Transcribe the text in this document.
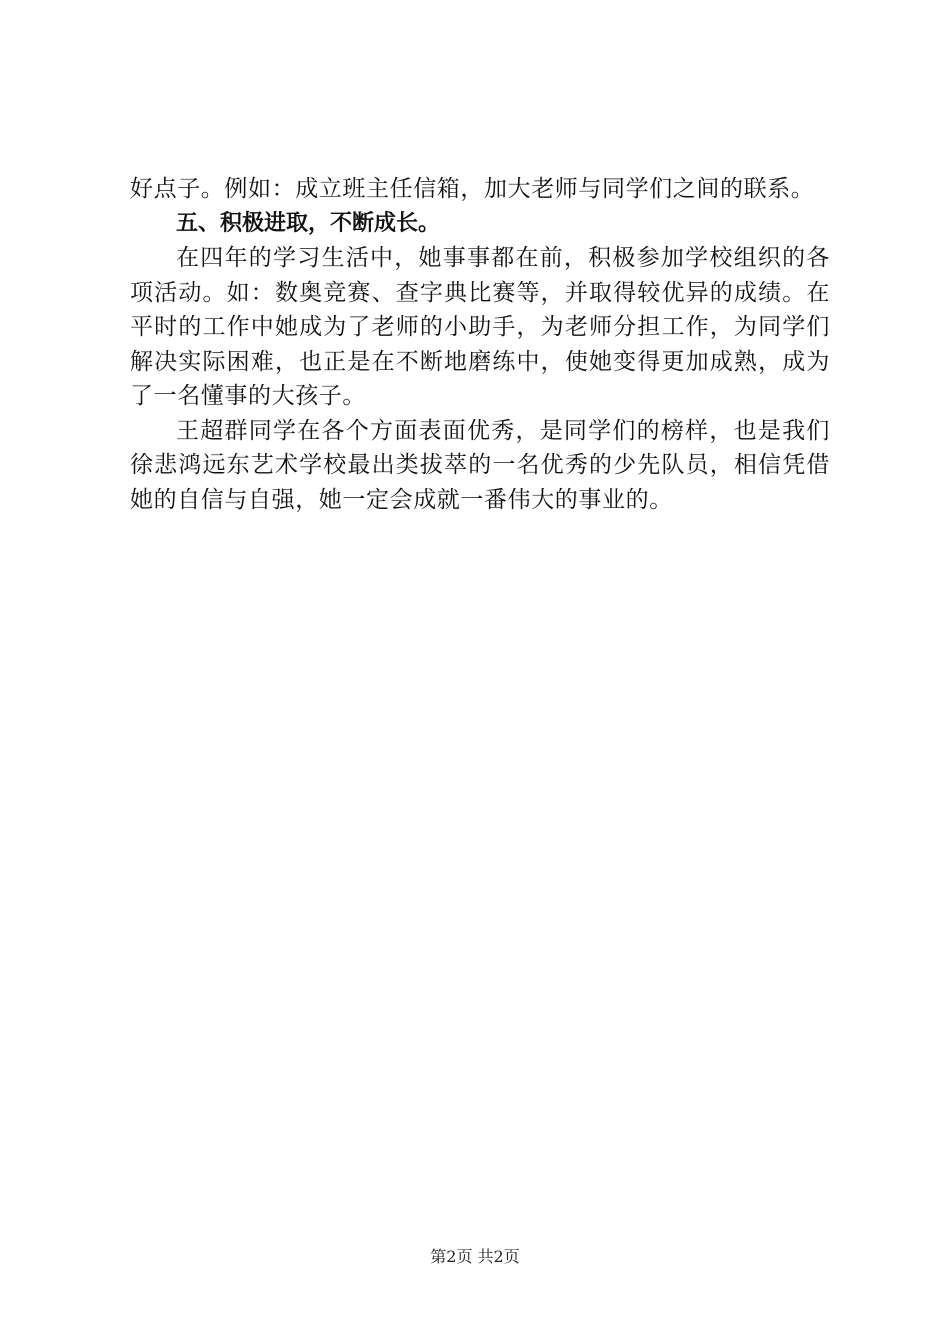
好点子。例如：成立班主任信箱，加大老师与同学们之间的联系。

五、积极进取，不断成长。

在四年的学习生活中，她事事都在前，积极参加学校组织的各项活动。如：数奥竞赛、查字典比赛等，并取得较优异的成绩。在平时的工作中她成为了老师的小助手，为老师分担工作，为同学们解决实际困难，也正是在不断地磨练中，使她变得更加成熟，成为了一名懂事的大孩子。

王超群同学在各个方面表面优秀，是同学们的榜样，也是我们徐悲鸿远东艺术学校最出类拔萃的一名优秀的少先队员，相信凭借她的自信与自强，她一定会成就一番伟大的事业的。

第2页 共2页
